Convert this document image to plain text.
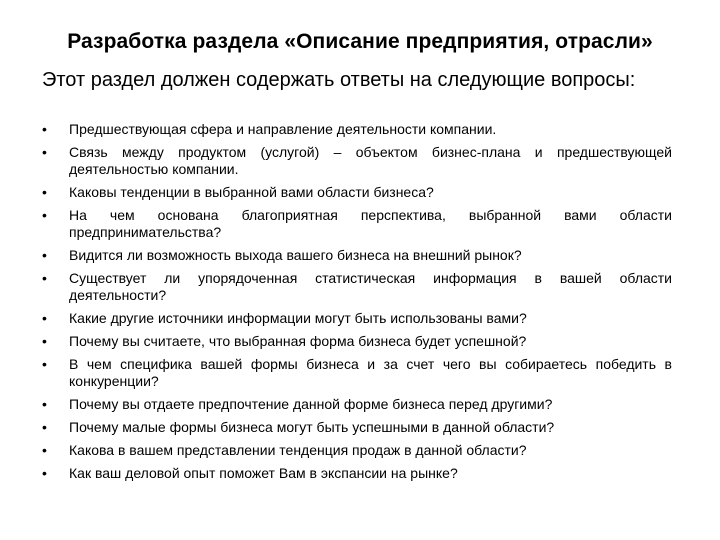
Разработка раздела «Описание предприятия, отрасли»
Этот раздел должен содержать ответы на следующие вопросы:
• Предшествующая сфера и направление деятельности компании.
• Связь между продуктом (услугой) – объектом бизнес-плана и предшествующей деятельностью компании.
• Каковы тенденции в выбранной вами области бизнеса?
• На чем основана благоприятная перспектива, выбранной вами области предпринимательства?
• Видится ли возможность выхода вашего бизнеса на внешний рынок?
• Существует ли упорядоченная статистическая информация в вашей области деятельности?
• Какие другие источники информации могут быть использованы вами?
• Почему вы считаете, что выбранная форма бизнеса будет успешной?
• В чем специфика вашей формы бизнеса и за счет чего вы собираетесь победить в конкуренции?
• Почему вы отдаете предпочтение данной форме бизнеса перед другими?
• Почему малые формы бизнеса могут быть успешными в данной области?
• Какова в вашем представлении тенденция продаж в данной области?
• Как ваш деловой опыт поможет Вам в экспансии на рынке?
